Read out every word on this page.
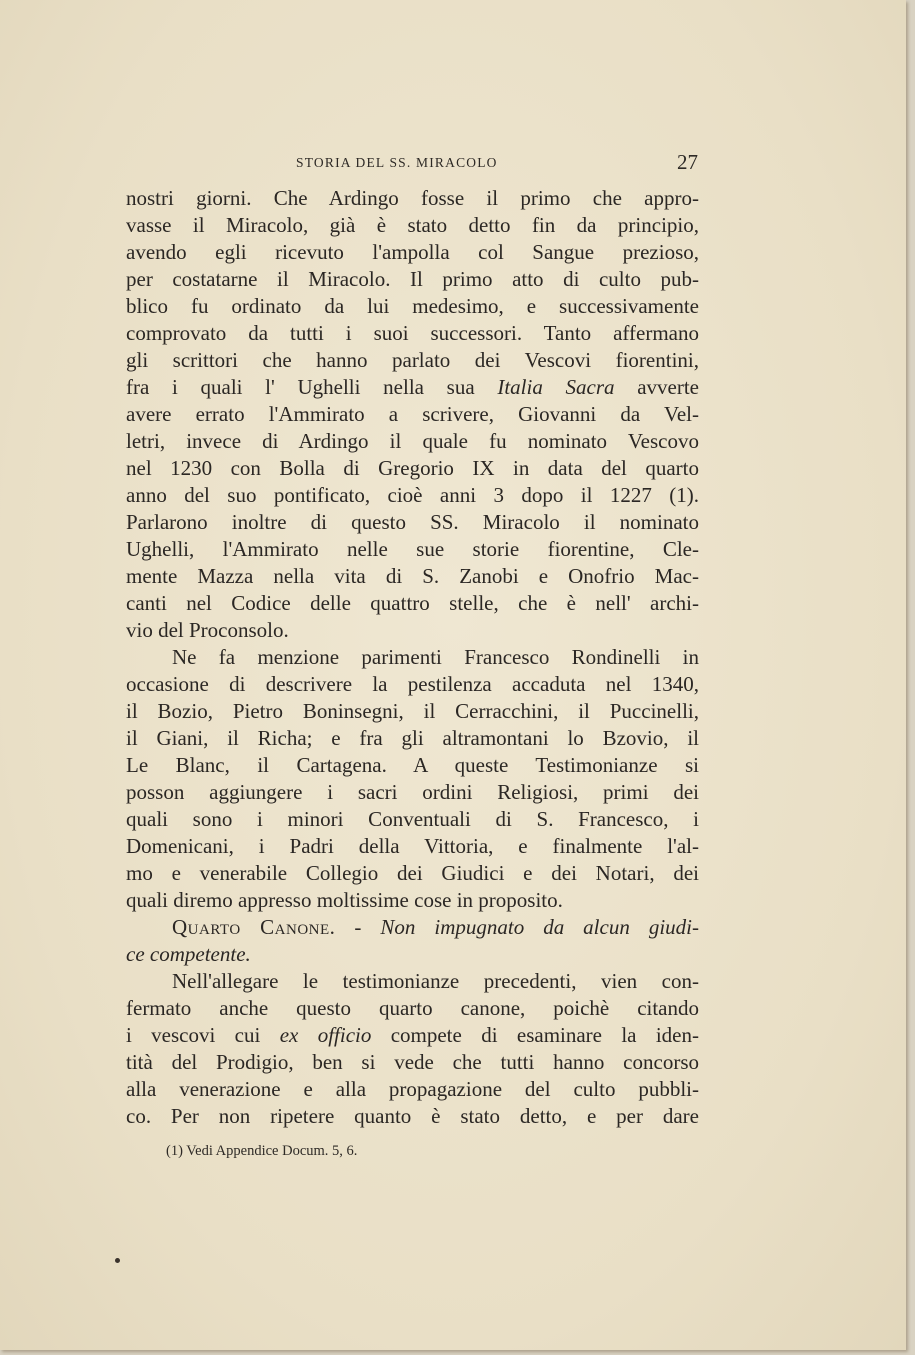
STORIA DEL SS. MIRACOLO	27
nostri giorni. Che Ardingo fosse il primo che appro-
vasse il Miracolo, già è stato detto fin da principio,
avendo egli ricevuto l'ampolla col Sangue prezioso,
per costatarne il Miracolo. Il primo atto di culto pub-
blico fu ordinato da lui medesimo, e successivamente
comprovato da tutti i suoi successori. Tanto affermano
gli scrittori che hanno parlato dei Vescovi fiorentini,
fra i quali l' Ughelli nella sua Italia Sacra avverte
avere errato l'Ammirato a scrivere, Giovanni da Vel-
letri, invece di Ardingo il quale fu nominato Vescovo
nel 1230 con Bolla di Gregorio IX in data del quarto
anno del suo pontificato, cioè anni 3 dopo il 1227 (1).
Parlarono inoltre di questo SS. Miracolo il nominato
Ughelli, l'Ammirato nelle sue storie fiorentine, Cle-
mente Mazza nella vita di S. Zanobi e Onofrio Mac-
canti nel Codice delle quattro stelle, che è nell' archi-
vio del Proconsolo.
Ne fa menzione parimenti Francesco Rondinelli in
occasione di descrivere la pestilenza accaduta nel 1340,
il Bozio, Pietro Boninsegni, il Cerracchini, il Puccinelli,
il Giani, il Richa; e fra gli altramontani lo Bzovio, il
Le Blanc, il Cartagena. A queste Testimonianze si
posson aggiungere i sacri ordini Religiosi, primi dei
quali sono i minori Conventuali di S. Francesco, i
Domenicani, i Padri della Vittoria, e finalmente l'al-
mo e venerabile Collegio dei Giudici e dei Notari, dei
quali diremo appresso moltissime cose in proposito.
Quarto Canone. - Non impugnato da alcun giudi-
ce competente.
Nell'allegare le testimonianze precedenti, vien con-
fermato anche questo quarto canone, poichè citando
i vescovi cui ex officio compete di esaminare la iden-
tità del Prodigio, ben si vede che tutti hanno concorso
alla venerazione e alla propagazione del culto pubbli-
co. Per non ripetere quanto è stato detto, e per dare
(1) Vedi Appendice Docum. 5, 6.
